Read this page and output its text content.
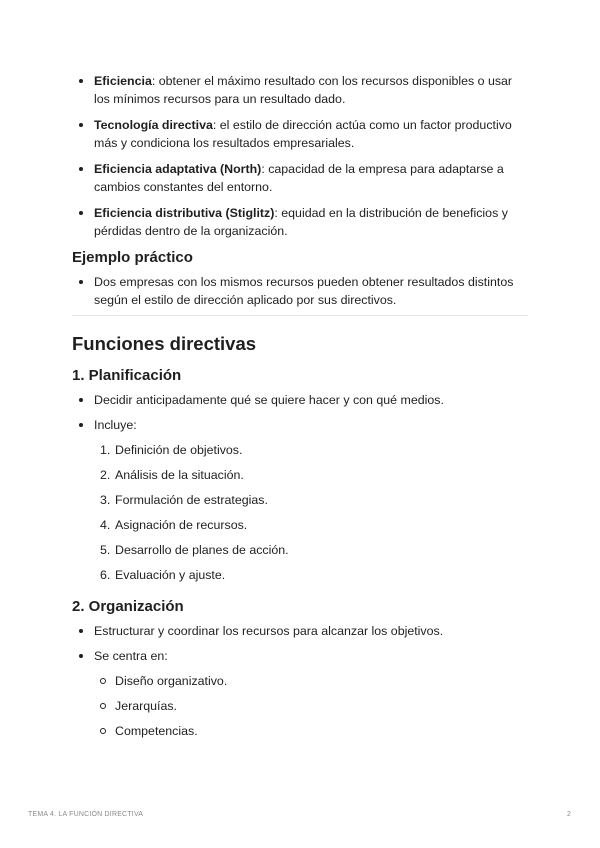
Eficiencia: obtener el máximo resultado con los recursos disponibles o usar los mínimos recursos para un resultado dado.
Tecnología directiva: el estilo de dirección actúa como un factor productivo más y condiciona los resultados empresariales.
Eficiencia adaptativa (North): capacidad de la empresa para adaptarse a cambios constantes del entorno.
Eficiencia distributiva (Stiglitz): equidad en la distribución de beneficios y pérdidas dentro de la organización.
Ejemplo práctico
Dos empresas con los mismos recursos pueden obtener resultados distintos según el estilo de dirección aplicado por sus directivos.
Funciones directivas
1. Planificación
Decidir anticipadamente qué se quiere hacer y con qué medios.
Incluye:
1. Definición de objetivos.
2. Análisis de la situación.
3. Formulación de estrategias.
4. Asignación de recursos.
5. Desarrollo de planes de acción.
6. Evaluación y ajuste.
2. Organización
Estructurar y coordinar los recursos para alcanzar los objetivos.
Se centra en:
Diseño organizativo.
Jerarquías.
Competencias.
TEMA 4. LA FUNCIÓN DIRECTIVA	2
